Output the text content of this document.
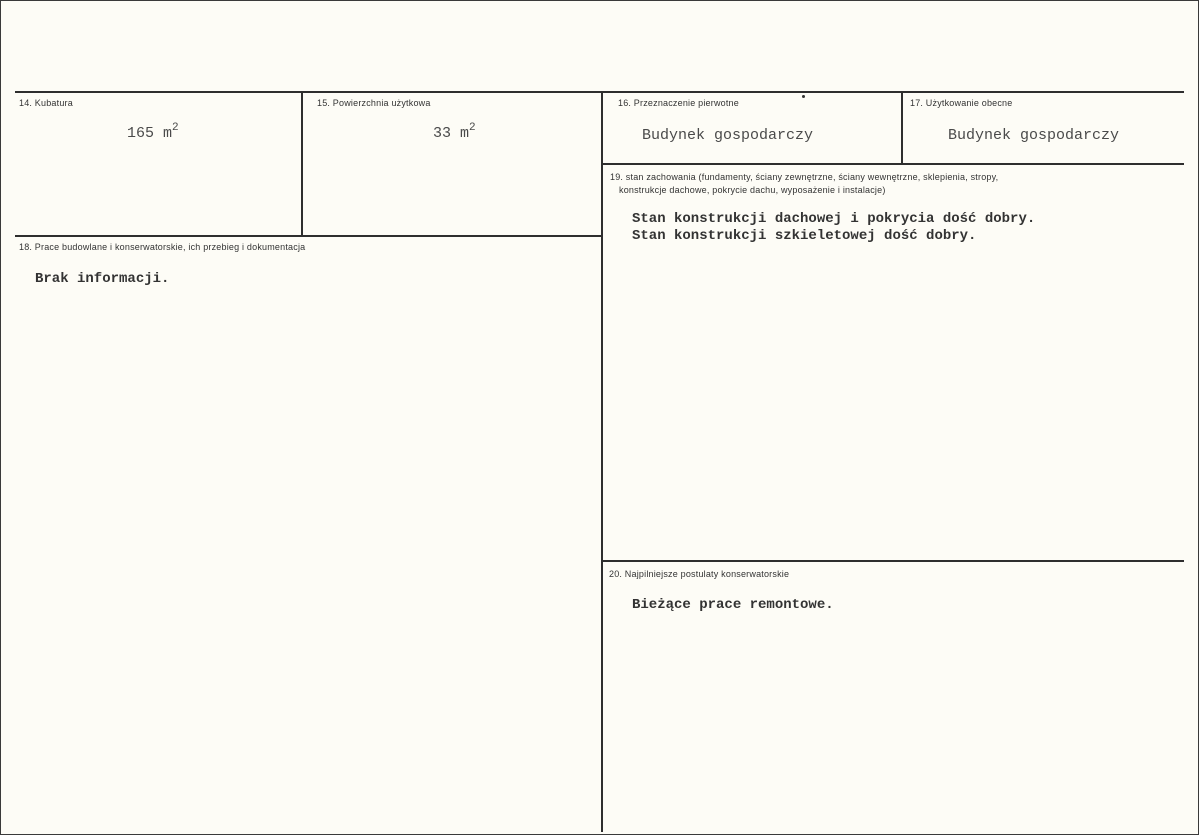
14. Kubatura
165 $m^2$
15. Powierzchnia użytkowa
33 $m^2$
16. Przeznaczenie pierwotne
Budynek gospodarczy
17. Użytkowanie obecne
Budynek gospodarczy
18. Prace budowlane i konserwatorskie, ich przebieg i dokumentacja
Brak informacji.
19. stan zachowania (fundamenty, ściany zewnętrzne, ściany wewnętrzne, sklepienia, stropy,
konstrukcje dachowe, pokrycie dachu, wyposażenie i instalacje)
Stan konstrukcji dachowej i pokrycia dość dobry.
Stan konstrukcji szkieletowej dość dobry.
20. Najpilniejsze postulaty konserwatorskie
Bieżące prace remontowe.
